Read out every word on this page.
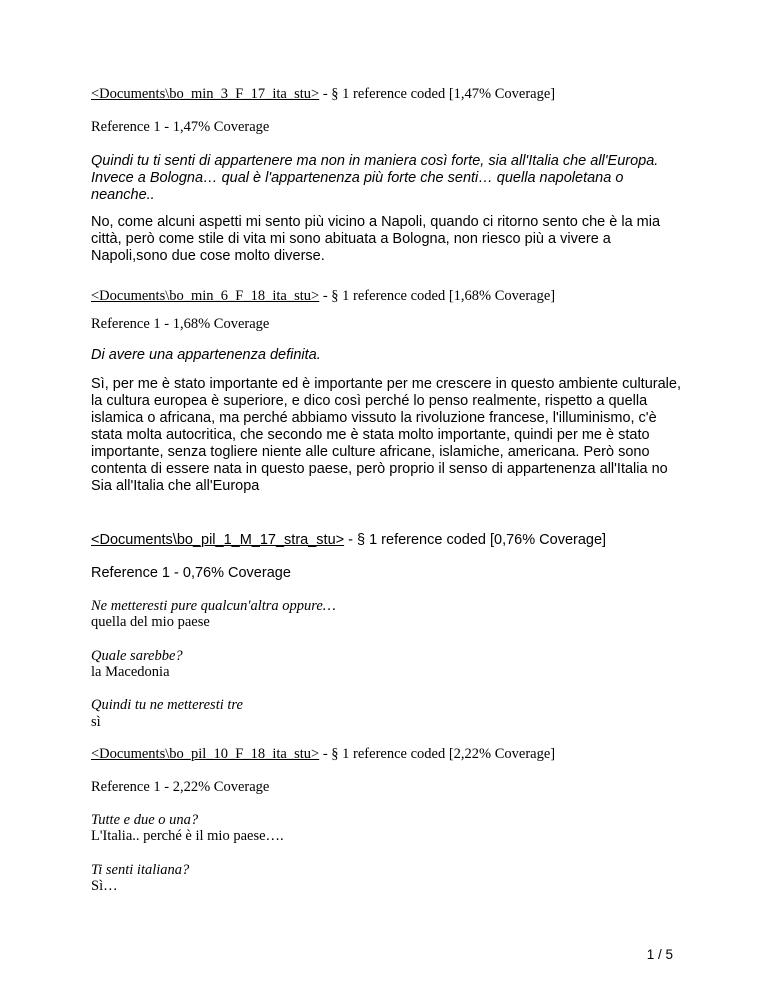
<Documents\bo_min_3_F_17_ita_stu> - § 1 reference coded [1,47% Coverage]
Reference 1 - 1,47% Coverage

Quindi tu ti senti di appartenere ma non in maniera così forte, sia all'Italia che all'Europa. Invece a Bologna… qual è l'appartenenza più forte che senti… quella napoletana o neanche..

No, come alcuni aspetti mi sento più vicino a Napoli, quando ci ritorno sento che è la mia città, però come stile di vita mi sono abituata a Bologna, non riesco più a vivere a Napoli,sono due cose molto diverse.

<Documents\bo_min_6_F_18_ita_stu> - § 1 reference coded [1,68% Coverage]
Reference 1 - 1,68% Coverage

Di avere una appartenenza definita.

Sì, per me è stato importante ed è importante per me crescere in questo ambiente culturale, la cultura europea è superiore, e dico così perché lo penso realmente, rispetto a quella islamica o africana, ma perché abbiamo vissuto la rivoluzione francese, l'illuminismo, c'è stata molta autocritica, che secondo me è stata molto importante, quindi per me è stato importante, senza togliere niente alle culture africane, islamiche, americana. Però sono contenta di essere nata in questo paese, però proprio il senso di appartenenza all'Italia no
Sia all'Italia che all'Europa

<Documents\bo_pil_1_M_17_stra_stu> - § 1 reference coded [0,76% Coverage]
Reference 1 - 0,76% Coverage
Ne metteresti pure qualcun'altra oppure…
quella del mio paese
Quale sarebbe?
la Macedonia
Quindi tu ne metteresti tre
sì
<Documents\bo_pil_10_F_18_ita_stu> - § 1 reference coded [2,22% Coverage]
Reference 1 - 2,22% Coverage
Tutte e due o una?
L'Italia.. perché è il mio paese….
Ti senti italiana?
Sì…
1 / 5
